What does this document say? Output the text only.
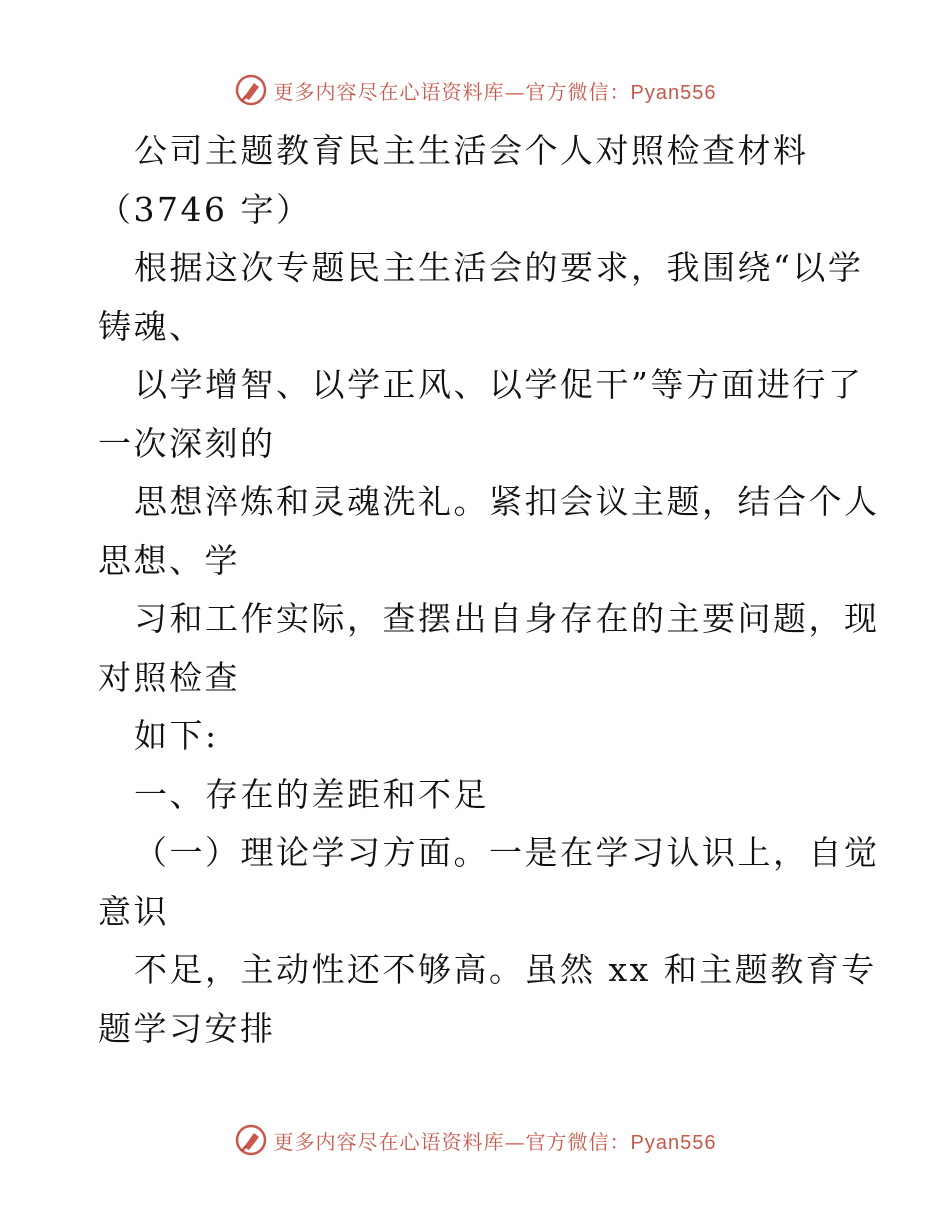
更多内容尽在心语资料库—官方微信：Pyan556
公司主题教育民主生活会个人对照检查材料
（3746 字）
根据这次专题民主生活会的要求，我围绕“以学
铸魂、
以学增智、以学正风、以学促干”等方面进行了
一次深刻的
思想淬炼和灵魂洗礼。紧扣会议主题，结合个人
思想、学
习和工作实际，查摆出自身存在的主要问题，现
对照检查
如下:
一、存在的差距和不足
（一）理论学习方面。一是在学习认识上，自觉
意识
不足，主动性还不够高。虽然 xx 和主题教育专
题学习安排
更多内容尽在心语资料库—官方微信：Pyan556
